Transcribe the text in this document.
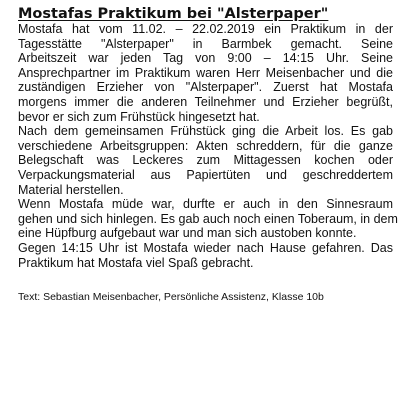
Mostafas Praktikum bei "Alsterpaper"
Mostafa hat vom 11.02. – 22.02.2019 ein Praktikum in der
Tagesstätte "Alsterpaper" in Barmbek gemacht. Seine
Arbeitszeit war jeden Tag von 9:00 – 14:15 Uhr. Seine
Ansprechpartner im Praktikum waren Herr Meisenbacher und die
zuständigen Erzieher von "Alsterpaper". Zuerst hat Mostafa
morgens immer die anderen Teilnehmer und Erzieher begrüßt,
bevor er sich zum Frühstück hingesetzt hat.
Nach dem gemeinsamen Frühstück ging die Arbeit los. Es gab
verschiedene Arbeitsgruppen: Akten schreddern, für die ganze
Belegschaft was Leckeres zum Mittagessen kochen oder
Verpackungsmaterial aus Papiertüten und geschreddertem
Material herstellen.
Wenn Mostafa müde war, durfte er auch in den Sinnesraum
gehen und sich hinlegen. Es gab auch noch einen Toberaum, in dem
eine Hüpfburg aufgebaut war und man sich austoben konnte.
Gegen 14:15 Uhr ist Mostafa wieder nach Hause gefahren. Das
Praktikum hat Mostafa viel Spaß gebracht.
Text: Sebastian Meisenbacher, Persönliche Assistenz, Klasse 10b
